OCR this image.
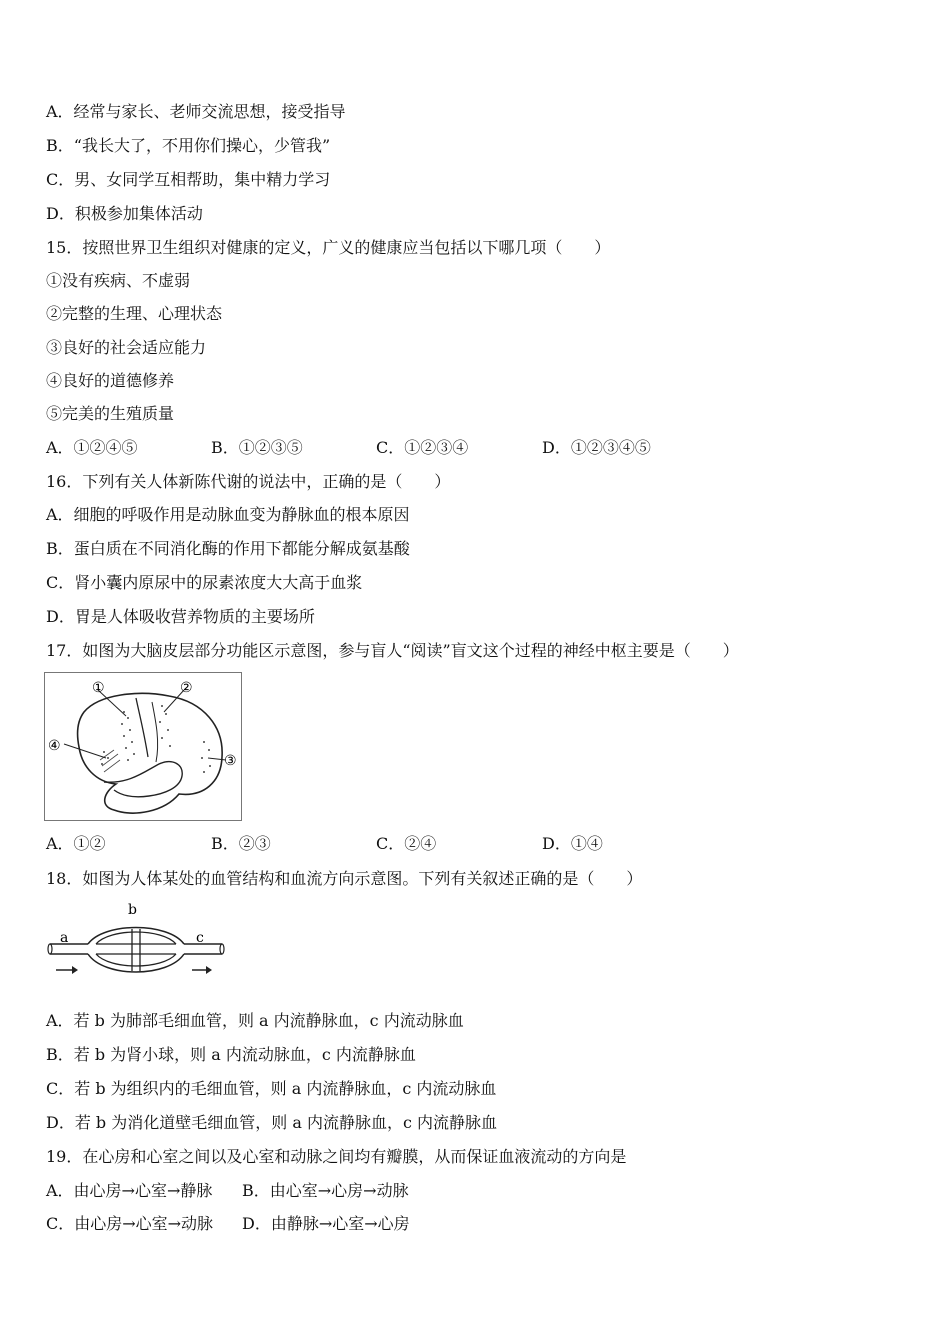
A．经常与家长、老师交流思想，接受指导
B．“我长大了，不用你们操心，少管我”
C．男、女同学互相帮助，集中精力学习
D．积极参加集体活动
15．按照世界卫生组织对健康的定义，广义的健康应当包括以下哪几项（　　）
①没有疾病、不虚弱
②完整的生理、心理状态
③良好的社会适应能力
④良好的道德修养
⑤完美的生殖质量
A．①②④⑤	B．①②③⑤	C．①②③④	D．①②③④⑤
16．下列有关人体新陈代谢的说法中，正确的是（　　）
A．细胞的呼吸作用是动脉血变为静脉血的根本原因
B．蛋白质在不同消化酶的作用下都能分解成氨基酸
C．肾小囊内原尿中的尿素浓度大大高于血浆
D．胃是人体吸收营养物质的主要场所
17．如图为大脑皮层部分功能区示意图，参与盲人“阅读”盲文这个过程的神经中枢主要是（　　）
①	②
③
④
A．①②	B．②③	C．②④	D．①④
18．如图为人体某处的血管结构和血流方向示意图。下列有关叙述正确的是（　　）
a
b
c
A．若 b 为肺部毛细血管，则 a 内流静脉血，c 内流动脉血
B．若 b 为肾小球，则 a 内流动脉血，c 内流静脉血
C．若 b 为组织内的毛细血管，则 a 内流静脉血，c 内流动脉血
D．若 b 为消化道壁毛细血管，则 a 内流静脉血，c 内流静脉血
19．在心房和心室之间以及心室和动脉之间均有瓣膜，从而保证血液流动的方向是
A．由心房→心室→静脉 B．由心室→心房→动脉
C．由心房→心室→动脉 D．由静脉→心室→心房
